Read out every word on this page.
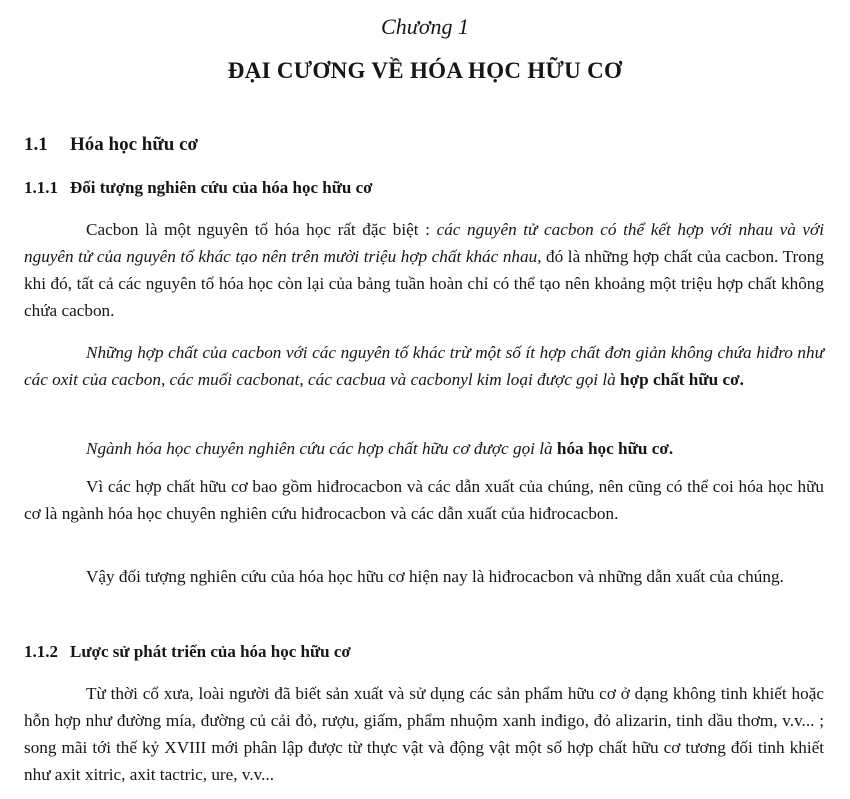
Chương 1
ĐẠI CƯƠNG VỀ HÓA HỌC HỮU CƠ
1.1 Hóa học hữu cơ
1.1.1 Đối tượng nghiên cứu của hóa học hữu cơ

Cacbon là một nguyên tố hóa học rất đặc biệt : các nguyên tử cacbon có thể kết hợp với nhau và với nguyên tử của nguyên tố khác tạo nên trên mười triệu hợp chất khác nhau, đó là những hợp chất của cacbon. Trong khi đó, tất cả các nguyên tố hóa học còn lại của bảng tuần hoàn chỉ có thể tạo nên khoảng một triệu hợp chất không chứa cacbon.

Những hợp chất của cacbon với các nguyên tố khác trừ một số ít hợp chất đơn giản không chứa hiđro như các oxit của cacbon, các muối cacbonat, các cacbua và cacbonyl kim loại được gọi là hợp chất hữu cơ.

Ngành hóa học chuyên nghiên cứu các hợp chất hữu cơ được gọi là hóa học hữu cơ.

Vì các hợp chất hữu cơ bao gồm hiđrocacbon và các dẫn xuất của chúng, nên cũng có thể coi hóa học hữu cơ là ngành hóa học chuyên nghiên cứu hiđrocacbon và các dẫn xuất của hiđrocacbon.

Vậy đối tượng nghiên cứu của hóa học hữu cơ hiện nay là hiđrocacbon và những dẫn xuất của chúng.

1.1.2 Lược sử phát triển của hóa học hữu cơ

Từ thời cổ xưa, loài người đã biết sản xuất và sử dụng các sản phẩm hữu cơ ở dạng không tinh khiết hoặc hỗn hợp như đường mía, đường củ cải đỏ, rượu, giấm, phẩm nhuộm xanh inđigo, đỏ alizarin, tinh dầu thơm, v.v... ; song mãi tới thế kỷ XVIII mới phân lập được từ thực vật và động vật một số hợp chất hữu cơ tương đối tinh khiết như axit xitric, axit tactric, ure, v.v...
